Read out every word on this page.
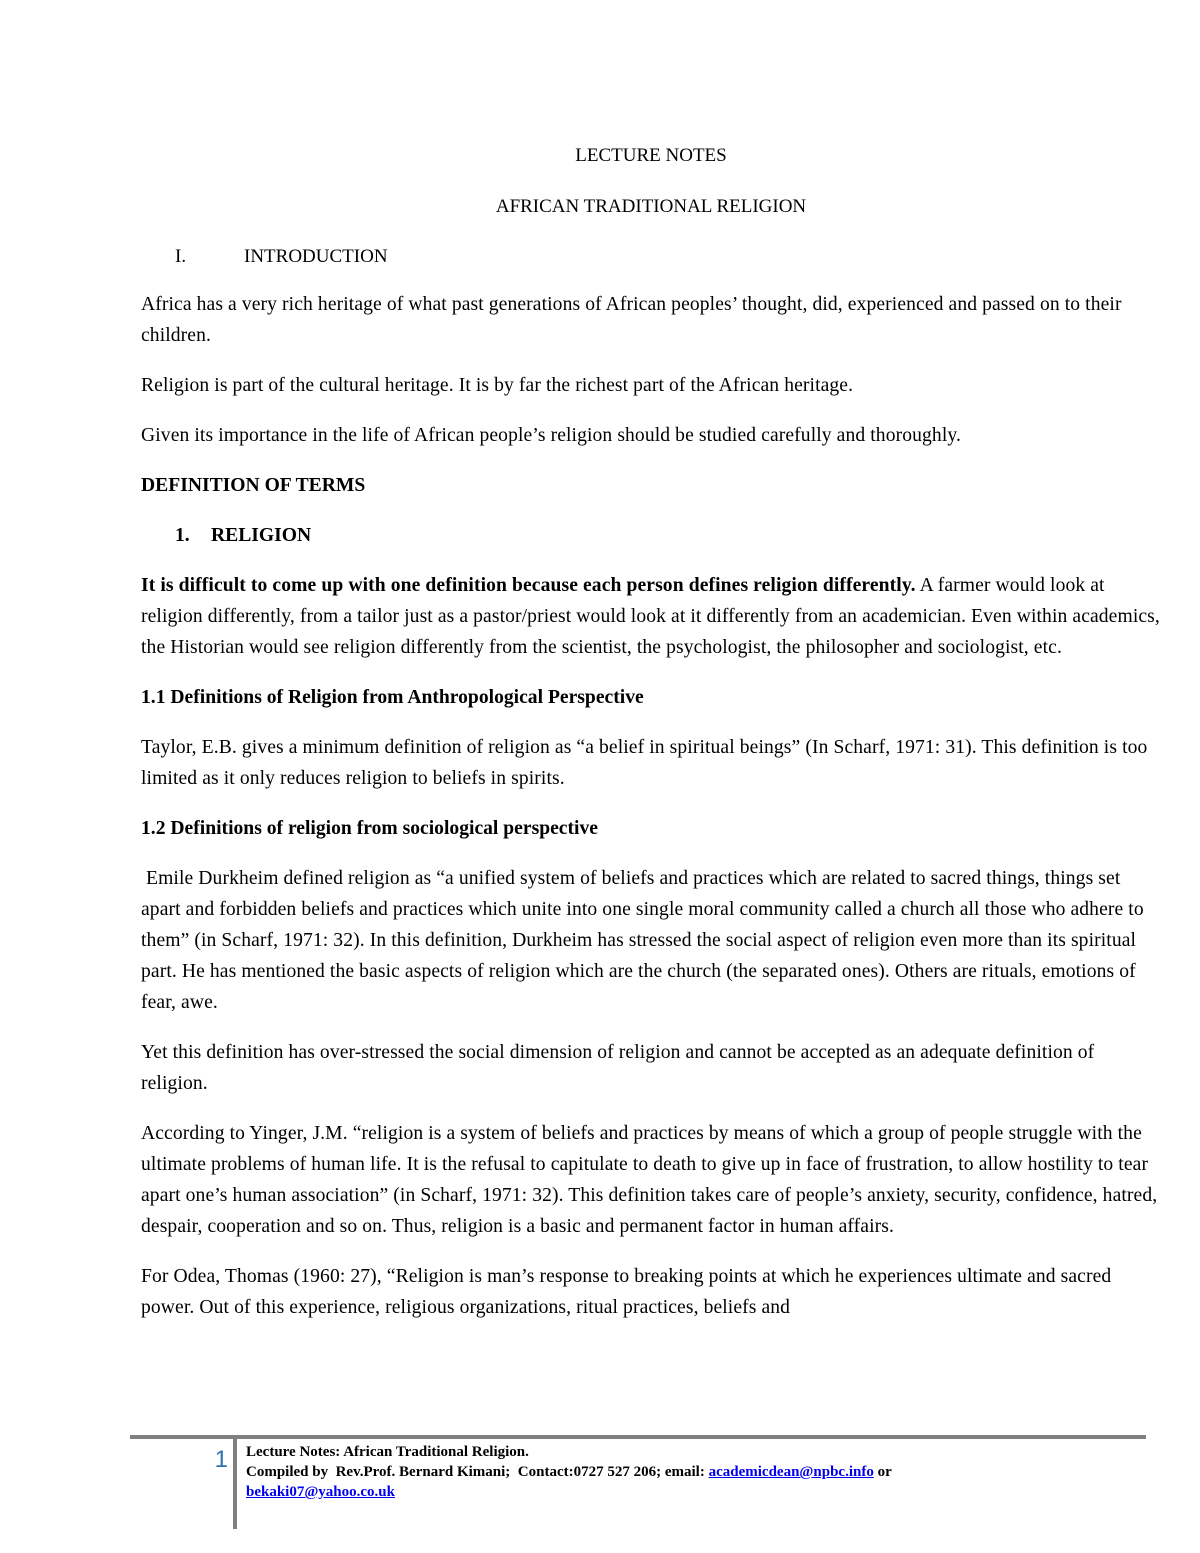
LECTURE NOTES

AFRICAN TRADITIONAL RELIGION

I.	INTRODUCTION

Africa has a very rich heritage of what past generations of African peoples’ thought, did, experienced and passed on to their children.

Religion is part of the cultural heritage. It is by far the richest part of the African heritage.

Given its importance in the life of African people’s religion should be studied carefully and thoroughly.

DEFINITION OF TERMS

1. RELIGION

It is difficult to come up with one definition because each person defines religion differently. A farmer would look at religion differently, from a tailor just as a pastor/priest would look at it differently from an academician. Even within academics, the Historian would see religion differently from the scientist, the psychologist, the philosopher and sociologist, etc.

1.1 Definitions of Religion from Anthropological Perspective

Taylor, E.B. gives a minimum definition of religion as “a belief in spiritual beings” (In Scharf, 1971: 31). This definition is too limited as it only reduces religion to beliefs in spirits.

1.2 Definitions of religion from sociological perspective

Emile Durkheim defined religion as “a unified system of beliefs and practices which are related to sacred things, things set apart and forbidden beliefs and practices which unite into one single moral community called a church all those who adhere to them” (in Scharf, 1971: 32). In this definition, Durkheim has stressed the social aspect of religion even more than its spiritual part. He has mentioned the basic aspects of religion which are the church (the separated ones). Others are rituals, emotions of fear, awe.

Yet this definition has over-stressed the social dimension of religion and cannot be accepted as an adequate definition of religion.

According to Yinger, J.M. “religion is a system of beliefs and practices by means of which a group of people struggle with the ultimate problems of human life. It is the refusal to capitulate to death to give up in face of frustration, to allow hostility to tear apart one’s human association” (in Scharf, 1971: 32). This definition takes care of people’s anxiety, security, confidence, hatred, despair, cooperation and so on. Thus, religion is a basic and permanent factor in human affairs.

For Odea, Thomas (1960: 27), “Religion is man’s response to breaking points at which he experiences ultimate and sacred power. Out of this experience, religious organizations, ritual practices, beliefs and

1 Lecture Notes: African Traditional Religion.
Compiled by  Rev.Prof. Bernard Kimani;  Contact:0727 527 206; email: academicdean@npbc.info or
bekaki07@yahoo.co.uk
